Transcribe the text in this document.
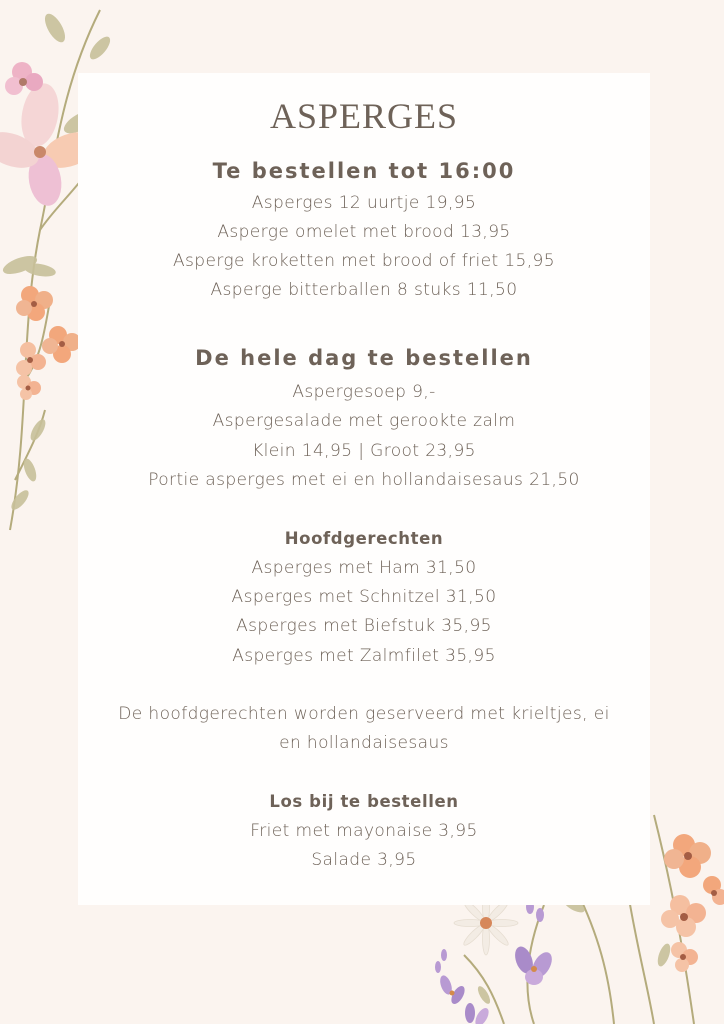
ASPERGES
Te bestellen tot 16:00
Asperges 12 uurtje 19,95
Asperge omelet met brood 13,95
Asperge kroketten met brood of friet 15,95
Asperge bitterballen 8 stuks 11,50
De hele dag te bestellen
Aspergesoep 9,-
Aspergesalade met gerookte zalm
Klein 14,95 | Groot 23,95
Portie asperges met ei en hollandaisesaus 21,50
Hoofdgerechten
Asperges met Ham 31,50
Asperges met Schnitzel 31,50
Asperges met Biefstuk 35,95
Asperges met Zalmfilet 35,95
De hoofdgerechten worden geserveerd met krieltjes, ei
en hollandaisesaus
Los bij te bestellen
Friet met mayonaise 3,95
Salade 3,95
